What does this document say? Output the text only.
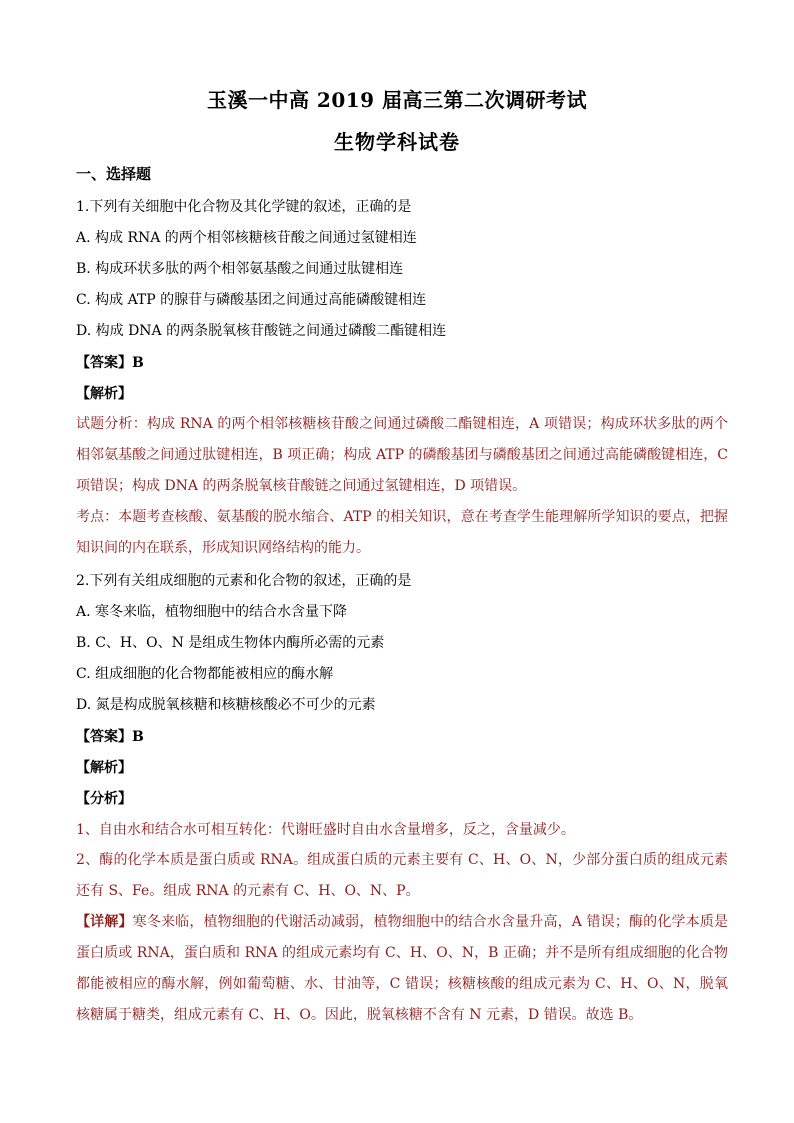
玉溪一中高 2019 届高三第二次调研考试
生物学科试卷
一、选择题
1.下列有关细胞中化合物及其化学键的叙述，正确的是
A. 构成 RNA 的两个相邻核糖核苷酸之间通过氢键相连
B. 构成环状多肽的两个相邻氨基酸之间通过肽键相连
C. 构成 ATP 的腺苷与磷酸基团之间通过高能磷酸键相连
D. 构成 DNA 的两条脱氧核苷酸链之间通过磷酸二酯键相连
【答案】B
【解析】
试题分析：构成 RNA 的两个相邻核糖核苷酸之间通过磷酸二酯键相连，A 项错误；构成环状多肽的两个相邻氨基酸之间通过肽键相连，B 项正确；构成 ATP 的磷酸基团与磷酸基团之间通过高能磷酸键相连，C 项错误；构成 DNA 的两条脱氧核苷酸链之间通过氢键相连，D 项错误。
考点：本题考查核酸、氨基酸的脱水缩合、ATP 的相关知识，意在考查学生能理解所学知识的要点，把握知识间的内在联系，形成知识网络结构的能力。
2.下列有关组成细胞的元素和化合物的叙述，正确的是
A. 寒冬来临，植物细胞中的结合水含量下降
B. C、H、O、N 是组成生物体内酶所必需的元素
C. 组成细胞的化合物都能被相应的酶水解
D. 氮是构成脱氧核糖和核糖核酸必不可少的元素
【答案】B
【解析】
【分析】
1、自由水和结合水可相互转化：代谢旺盛时自由水含量增多，反之，含量减少。
2、酶的化学本质是蛋白质或 RNA。组成蛋白质的元素主要有 C、H、O、N，少部分蛋白质的组成元素还有 S、Fe。组成 RNA 的元素有 C、H、O、N、P。
【详解】寒冬来临，植物细胞的代谢活动减弱，植物细胞中的结合水含量升高，A 错误；酶的化学本质是蛋白质或 RNA，蛋白质和 RNA 的组成元素均有 C、H、O、N，B 正确；并不是所有组成细胞的化合物都能被相应的酶水解，例如葡萄糖、水、甘油等，C 错误；核糖核酸的组成元素为 C、H、O、N，脱氧核糖属于糖类，组成元素有 C、H、O。因此，脱氧核糖不含有 N 元素，D 错误。故选 B。
